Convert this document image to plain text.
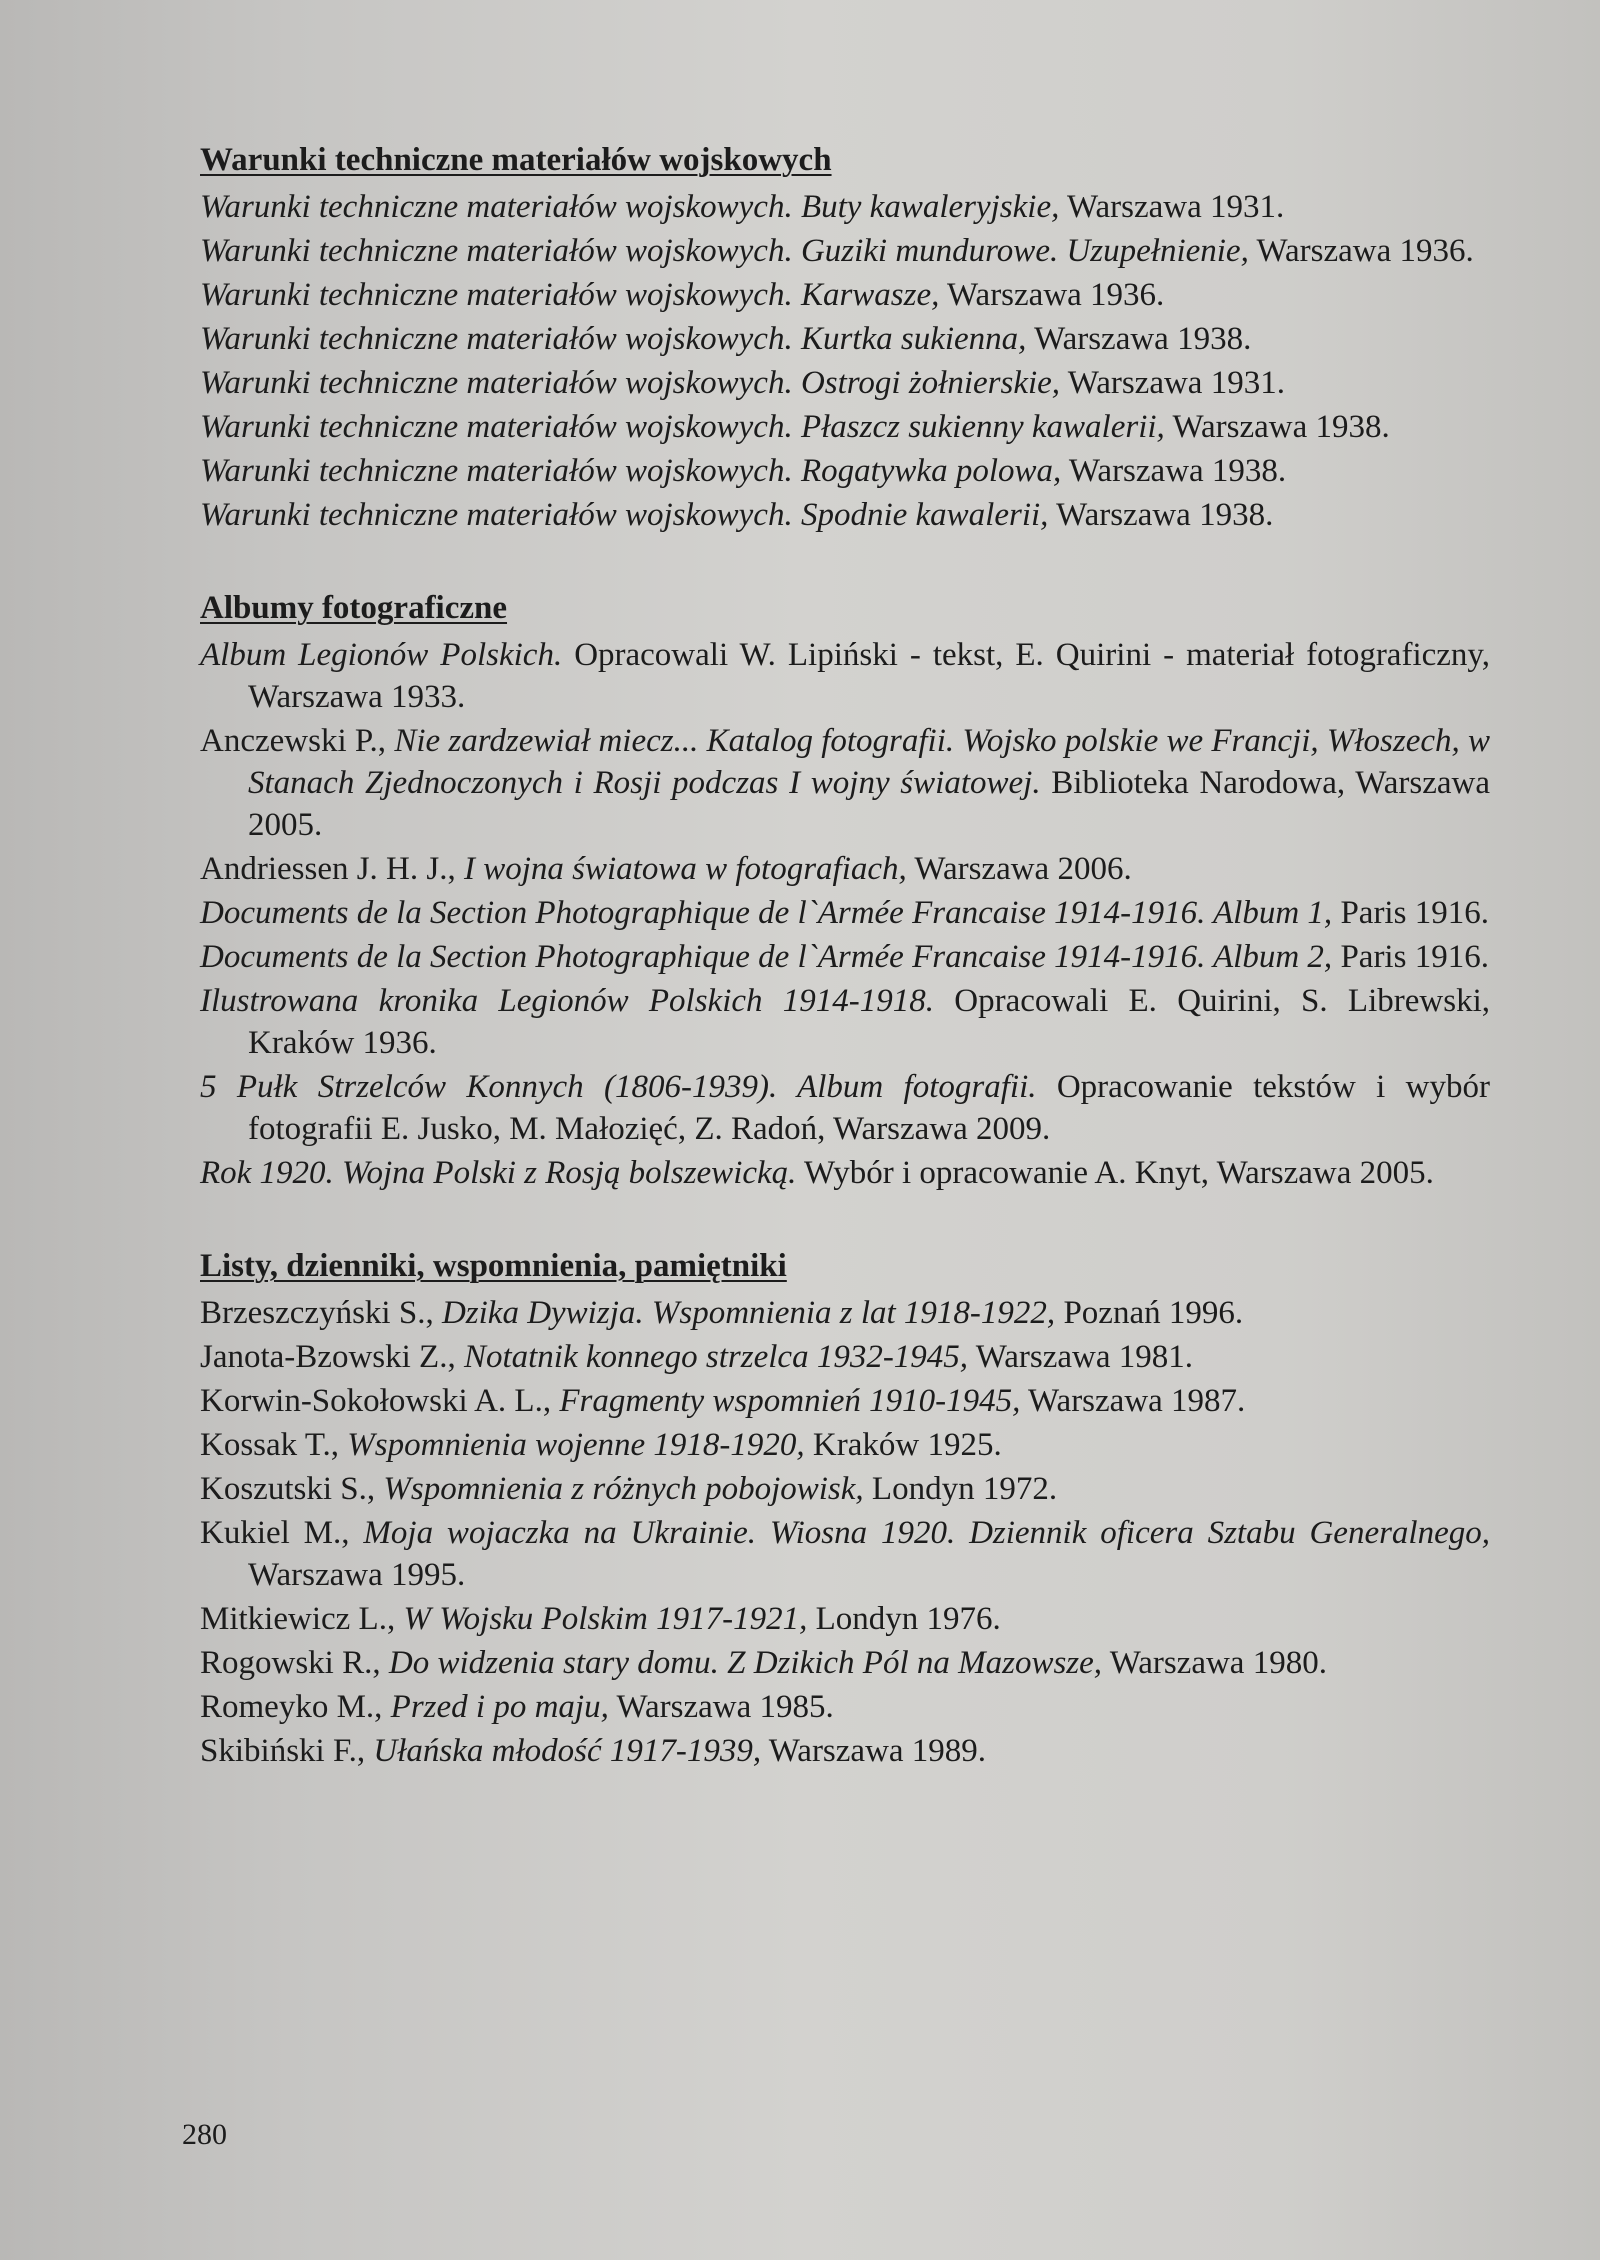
Warunki techniczne materiałów wojskowych
Warunki techniczne materiałów wojskowych. Buty kawaleryjskie, Warszawa 1931.
Warunki techniczne materiałów wojskowych. Guziki mundurowe. Uzupełnienie, Warszawa 1936.
Warunki techniczne materiałów wojskowych. Karwasze, Warszawa 1936.
Warunki techniczne materiałów wojskowych. Kurtka sukienna, Warszawa 1938.
Warunki techniczne materiałów wojskowych. Ostrogi żołnierskie, Warszawa 1931.
Warunki techniczne materiałów wojskowych. Płaszcz sukienny kawalerii, Warszawa 1938.
Warunki techniczne materiałów wojskowych. Rogatywka polowa, Warszawa 1938.
Warunki techniczne materiałów wojskowych. Spodnie kawalerii, Warszawa 1938.
Albumy fotograficzne
Album Legionów Polskich. Opracowali W. Lipiński - tekst, E. Quirini - materiał fotograficzny, Warszawa 1933.
Anczewski P., Nie zardzewiał miecz... Katalog fotografii. Wojsko polskie we Francji, Włoszech, w Stanach Zjednoczonych i Rosji podczas I wojny światowej. Biblioteka Narodowa, Warszawa 2005.
Andriessen J. H. J., I wojna światowa w fotografiach, Warszawa 2006.
Documents de la Section Photographique de l`Armée Francaise 1914-1916. Album 1, Paris 1916.
Documents de la Section Photographique de l`Armée Francaise 1914-1916. Album 2, Paris 1916.
Ilustrowana kronika Legionów Polskich 1914-1918. Opracowali E. Quirini, S. Librewski, Kraków 1936.
5 Pułk Strzelców Konnych (1806-1939). Album fotografii. Opracowanie tekstów i wybór fotografii E. Jusko, M. Małozięć, Z. Radoń, Warszawa 2009.
Rok 1920. Wojna Polski z Rosją bolszewicką. Wybór i opracowanie A. Knyt, Warszawa 2005.
Listy, dzienniki, wspomnienia, pamiętniki
Brzeszczyński S., Dzika Dywizja. Wspomnienia z lat 1918-1922, Poznań 1996.
Janota-Bzowski Z., Notatnik konnego strzelca 1932-1945, Warszawa 1981.
Korwin-Sokołowski A. L., Fragmenty wspomnień 1910-1945, Warszawa 1987.
Kossak T., Wspomnienia wojenne 1918-1920, Kraków 1925.
Koszutski S., Wspomnienia z różnych pobojowisk, Londyn 1972.
Kukiel M., Moja wojaczka na Ukrainie. Wiosna 1920. Dziennik oficera Sztabu Generalnego, Warszawa 1995.
Mitkiewicz L., W Wojsku Polskim 1917-1921, Londyn 1976.
Rogowski R., Do widzenia stary domu. Z Dzikich Pól na Mazowsze, Warszawa 1980.
Romeyko M., Przed i po maju, Warszawa 1985.
Skibiński F., Ułańska młodość 1917-1939, Warszawa 1989.
280
